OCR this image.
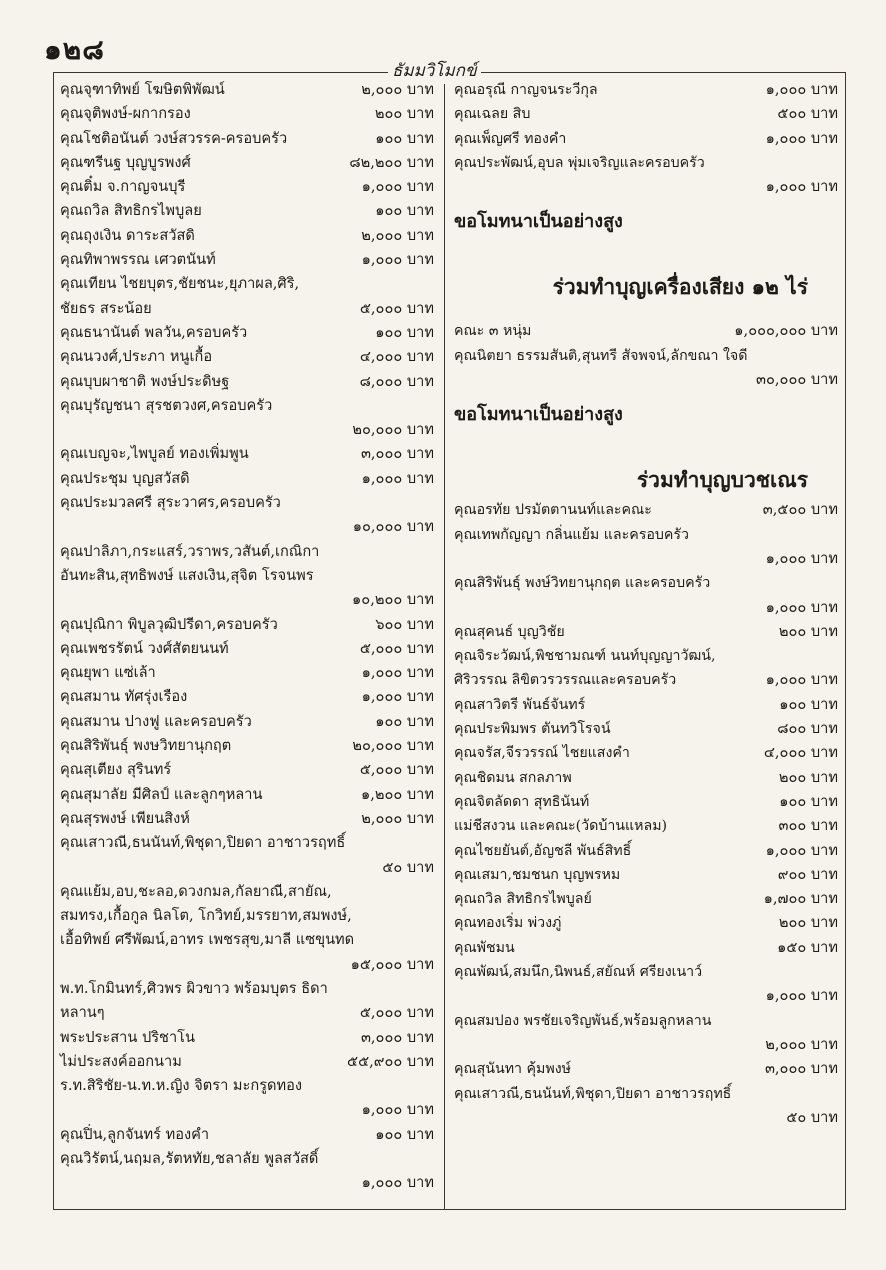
๑๒๘
ธัมมวิโมกข์
คุณจุฑาทิพย์ โฆษิตพิพัฒน์	๒,๐๐๐ บาท
คุณจุติพงษ์-ผกากรอง	๒๐๐ บาท
คุณโชติอนันต์ วงษ์สวรรค-ครอบครัว	๑๐๐ บาท
คุณฑรีนฐ บุญบูรพงศ์	๘๒,๒๐๐ บาท
คุณติ๋ม จ.กาญจนบุรี	๑,๐๐๐ บาท
คุณถวิล สิทธิกรไพบูลย	๑๐๐ บาท
คุณถุงเงิน ดาระสวัสดิ	๒,๐๐๐ บาท
คุณทิพาพรรณ เศวตนันท์	๑,๐๐๐ บาท
คุณเทียน ไชยบุตร,ชัยชนะ,ยุภาผล,ศิริ,
ชัยธร สระน้อย	๕,๐๐๐ บาท
คุณธนานันต์ พลวัน,ครอบครัว	๑๐๐ บาท
คุณนวงศ์,ประภา หนูเกื้อ	๔,๐๐๐ บาท
คุณบุบผาชาติ พงษ์ประดิษฐ	๘,๐๐๐ บาท
คุณบุรัญชนา สุรชตวงศ,ครอบครัว
๒๐,๐๐๐ บาท
คุณเบญจะ,ไพบูลย์ ทองเพิ่มพูน	๓,๐๐๐ บาท
คุณประชุม บุญสวัสดิ	๑,๐๐๐ บาท
คุณประมวลศรี สุระวาศร,ครอบครัว
๑๐,๐๐๐ บาท
คุณปาลิภา,กระแสร์,วราพร,วสันต์,เกณิกา
อันทะสิน,สุทธิพงษ์ แสงเงิน,สุจิต โรจนพร
๑๐,๒๐๐ บาท
คุณปุณิกา พิบูลวุฒิปรีดา,ครอบครัว	๖๐๐ บาท
คุณเพชรรัตน์ วงศ์สัตยนนท์	๕,๐๐๐ บาท
คุณยุพา แซ่เล้า	๑,๐๐๐ บาท
คุณสมาน ทัศรุ่งเรือง	๑,๐๐๐ บาท
คุณสมาน ปางฟู และครอบครัว	๑๐๐ บาท
คุณสิริพันธุ์ พงษวิทยานุกฤต	๒๐,๐๐๐ บาท
คุณสุเตียง สุรินทร์	๕,๐๐๐ บาท
คุณสุมาลัย มีศิลป์ และลูกๆหลาน	๑,๒๐๐ บาท
คุณสุรพงษ์ เพียนสิงห์	๒,๐๐๐ บาท
คุณเสาวณี,ธนนันท์,พิชุดา,ปิยดา อาชาวรฤทธิ์
๕๐ บาท
คุณแย้ม,อบ,ชะลอ,ดวงกมล,กัลยาณี,สายัณ,
สมทรง,เกื้อกูล นิลโต, โกวิทย์,มรรยาท,สมพงษ์,
เอื้อทิพย์ ศรีพัฒน์,อาทร เพชรสุข,มาลี แซขุนทด
๑๕,๐๐๐ บาท
พ.ท.โกมินทร์,ศิวพร ผิวขาว พร้อมบุตร ธิดา
หลานๆ	๕,๐๐๐ บาท
พระประสาน ปริชาโน	๓,๐๐๐ บาท
ไม่ประสงค์ออกนาม	๕๕,๙๐๐ บาท
ร.ท.สิริชัย-น.ท.ห.ญิง จิตรา มะกรูดทอง
๑,๐๐๐ บาท
คุณปิ่น,ลูกจันทร์ ทองคำ	๑๐๐ บาท
คุณวิรัตน์,นฤมล,รัตหทัย,ชลาลัย พูลสวัสดิ์
๑,๐๐๐ บาท
คุณอรุณี กาญจนระวีกุล	๑,๐๐๐ บาท
คุณเฉลย สิบ	๕๐๐ บาท
คุณเพ็ญศรี ทองคำ	๑,๐๐๐ บาท
คุณประพัฒน์,อุบล พุ่มเจริญและครอบครัว
๑,๐๐๐ บาท
ขอโมทนาเป็นอย่างสูง
ร่วมทำบุญเครื่องเสียง ๑๒ ไร่
คณะ ๓ หนุ่ม	๑,๐๐๐,๐๐๐ บาท
คุณนิตยา ธรรมสันติ,สุนทรี สัจพจน์,ลักขณา ใจดี
๓๐,๐๐๐ บาท
ขอโมทนาเป็นอย่างสูง
ร่วมทำบุญบวชเณร
คุณอรทัย ปรมัตตานนท์และคณะ	๓,๕๐๐ บาท
คุณเทพกัญญา กลิ่นแย้ม และครอบครัว
๑,๐๐๐ บาท
คุณสิริพันธุ์ พงษ์วิทยานุกฤต และครอบครัว
๑,๐๐๐ บาท
คุณสุคนธ์ บุญวิชัย	๒๐๐ บาท
คุณจิระวัฒน์,พิชชามณฑ์ นนท์บุญญาวัฒน์,
ศิริวรรณ ลิขิตวรวรรณและครอบครัว	๑,๐๐๐ บาท
คุณสาวิตรี พันธ์จันทร์	๑๐๐ บาท
คุณประพิมพร ตันทวิโรจน์	๘๐๐ บาท
คุณจรัส,จีรวรรณ์ ไชยแสงคำ	๔,๐๐๐ บาท
คุณชิดมน สกลภาพ	๒๐๐ บาท
คุณจิตลัดดา สุทธินันท์	๑๐๐ บาท
แม่ชีสงวน และคณะ(วัดบ้านแหลม)	๓๐๐ บาท
คุณไชยยันต์,อัญชลี พันธ์สิทธิ์	๑,๐๐๐ บาท
คุณเสมา,ชมชนก บุญพรหม	๙๐๐ บาท
คุณถวิล สิทธิกรไพบูลย์	๑,๗๐๐ บาท
คุณทองเริ่ม พ่วงภู่	๒๐๐ บาท
คุณพัชมน	๑๕๐ บาท
คุณพัฒน์,สมนึก,นิพนธ์,สยัณห์ ศรียงเนาว์
๑,๐๐๐ บาท
คุณสมปอง พรชัยเจริญพันธ์,พร้อมลูกหลาน
๒,๐๐๐ บาท
คุณสุนันทา คุ้มพงษ์	๓,๐๐๐ บาท
คุณเสาวณี,ธนนันท์,พิชุดา,ปิยดา อาชาวรฤทธิ์
๕๐ บาท
